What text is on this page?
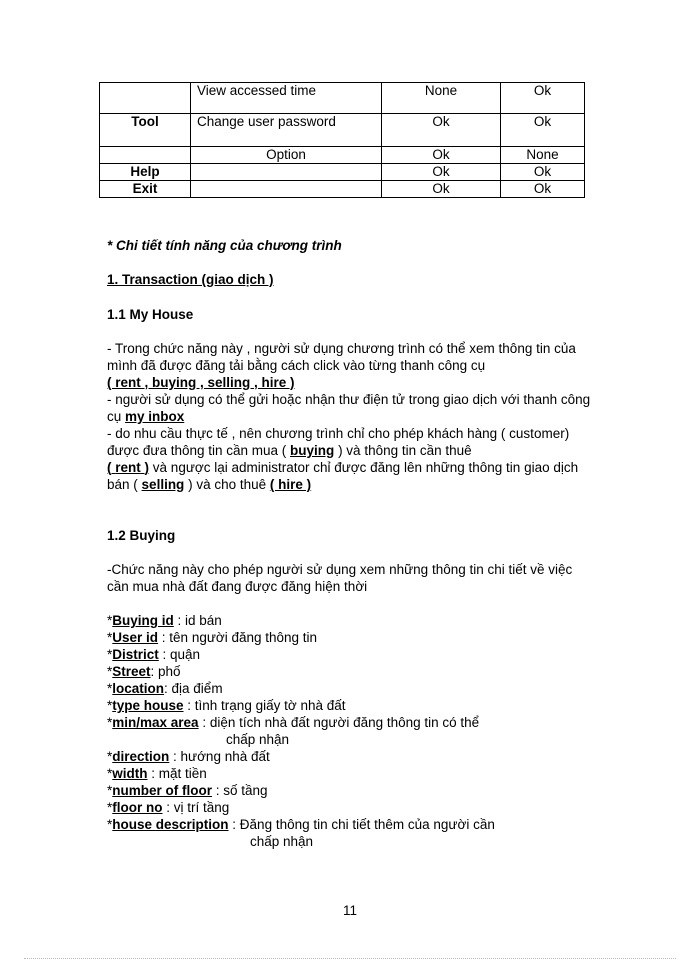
	View accessed time	None	Ok
Tool	Change user password	Ok	Ok
	Option	Ok	None
Help		Ok	Ok
Exit		Ok	Ok
* Chi tiết tính năng của chương trình
1. Transaction (giao dịch )
1.1 My House
- Trong chức năng này , người sử dụng chương trình có thể xem thông tin của mình đã được đăng tải bằng cách click vào từng thanh công cụ
( rent , buying , selling , hire )
- người sử dụng có thể gửi hoặc nhận thư điện tử trong giao dịch với thanh công cụ my inbox
- do nhu cầu thực tế , nên chương trình chỉ cho phép khách hàng ( customer) được đưa thông tin cần mua ( buying ) và thông tin cần thuê
( rent ) và ngược lại administrator chỉ được đăng lên những thông tin giao dịch bán ( selling ) và cho thuê ( hire )
1.2 Buying
-Chức năng này cho phép người sử dụng xem những thông tin chi tiết về việc cần mua nhà đất đang được đăng hiện thời
*Buying id : id bán
*User id : tên người đăng thông tin
*District : quận
*Street: phố
*location: địa điểm
*type house : tình trạng giấy tờ nhà đất
*min/max area : diện tích nhà đất người đăng thông tin có thể
chấp nhận
*direction : hướng nhà đất
*width : mặt tiền
*number of floor : số tầng
*floor no : vị trí tầng
*house description : Đăng thông tin chi tiết thêm của người cần
chấp nhận
11
